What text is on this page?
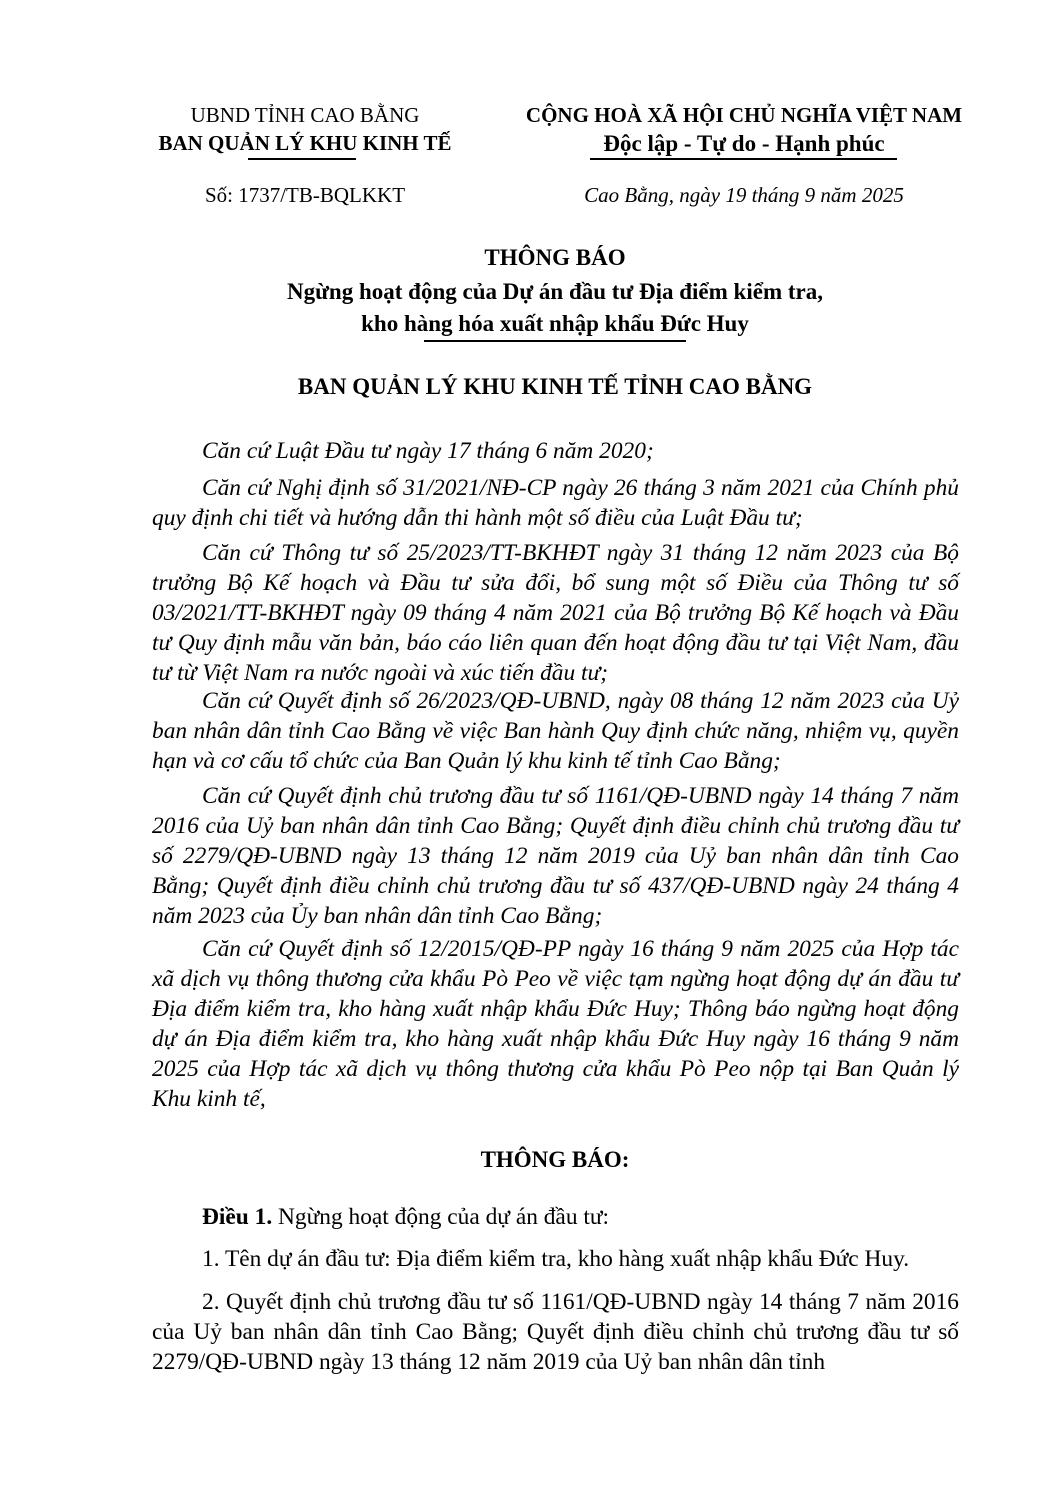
UBND TỈNH CAO BẰNG
BAN QUẢN LÝ KHU KINH TẾ
Số: 1737/TB-BQLKKT
CỘNG HOÀ XÃ HỘI CHỦ NGHĨA VIỆT NAM
Độc lập - Tự do - Hạnh phúc
Cao Bằng, ngày 19 tháng 9 năm 2025
THÔNG BÁO
Ngừng hoạt động của Dự án đầu tư Địa điểm kiểm tra,
kho hàng hóa xuất nhập khẩu Đức Huy
BAN QUẢN LÝ KHU KINH TẾ TỈNH CAO BẰNG

Căn cứ Luật Đầu tư ngày 17 tháng 6 năm 2020;

Căn cứ Nghị định số 31/2021/NĐ-CP ngày 26 tháng 3 năm 2021 của Chính phủ quy định chi tiết và hướng dẫn thi hành một số điều của Luật Đầu tư;

Căn cứ Thông tư số 25/2023/TT-BKHĐT ngày 31 tháng 12 năm 2023 của Bộ trưởng Bộ Kế hoạch và Đầu tư sửa đổi, bổ sung một số Điều của Thông tư số 03/2021/TT-BKHĐT ngày 09 tháng 4 năm 2021 của Bộ trưởng Bộ Kế hoạch và Đầu tư Quy định mẫu văn bản, báo cáo liên quan đến hoạt động đầu tư tại Việt Nam, đầu tư từ Việt Nam ra nước ngoài và xúc tiến đầu tư;

Căn cứ Quyết định số 26/2023/QĐ-UBND, ngày 08 tháng 12 năm 2023 của Uỷ ban nhân dân tỉnh Cao Bằng về việc Ban hành Quy định chức năng, nhiệm vụ, quyền hạn và cơ cấu tổ chức của Ban Quản lý khu kinh tế tỉnh Cao Bằng;

Căn cứ Quyết định chủ trương đầu tư số 1161/QĐ-UBND ngày 14 tháng 7 năm 2016 của Uỷ ban nhân dân tỉnh Cao Bằng; Quyết định điều chỉnh chủ trương đầu tư số 2279/QĐ-UBND ngày 13 tháng 12 năm 2019 của Uỷ ban nhân dân tỉnh Cao Bằng; Quyết định điều chỉnh chủ trương đầu tư số 437/QĐ-UBND ngày 24 tháng 4 năm 2023 của Ủy ban nhân dân tỉnh Cao Bằng;

Căn cứ Quyết định số 12/2015/QĐ-PP ngày 16 tháng 9 năm 2025 của Hợp tác xã dịch vụ thông thương cửa khẩu Pò Peo về việc tạm ngừng hoạt động dự án đầu tư Địa điểm kiểm tra, kho hàng xuất nhập khẩu Đức Huy; Thông báo ngừng hoạt động dự án Địa điểm kiểm tra, kho hàng xuất nhập khẩu Đức Huy ngày 16 tháng 9 năm 2025 của Hợp tác xã dịch vụ thông thương cửa khẩu Pò Peo nộp tại Ban Quản lý Khu kinh tế,

THÔNG BÁO:

Điều 1. Ngừng hoạt động của dự án đầu tư:

1. Tên dự án đầu tư: Địa điểm kiểm tra, kho hàng xuất nhập khẩu Đức Huy.

2. Quyết định chủ trương đầu tư số 1161/QĐ-UBND ngày 14 tháng 7 năm 2016 của Uỷ ban nhân dân tỉnh Cao Bằng; Quyết định điều chỉnh chủ trương đầu tư số 2279/QĐ-UBND ngày 13 tháng 12 năm 2019 của Uỷ ban nhân dân tỉnh
